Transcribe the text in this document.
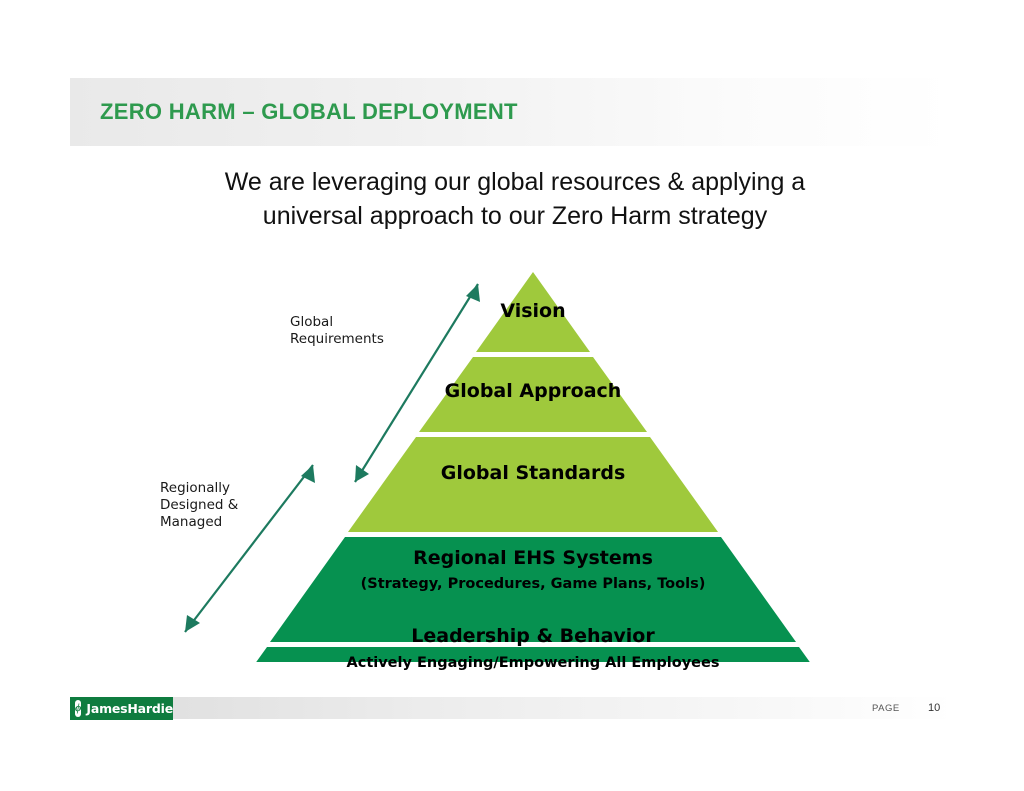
ZERO HARM – GLOBAL DEPLOYMENT
We are leveraging our global resources & applying a
universal approach to our Zero Harm strategy
Vision
Global Approach
Global Standards
Regional EHS Systems
(Strategy, Procedures, Game Plans, Tools)
Leadership & Behavior
Actively Engaging/Empowering All Employees
Global
Requirements
Regionally
Designed &
Managed
ϕ JamesHardie	PAGE	10
